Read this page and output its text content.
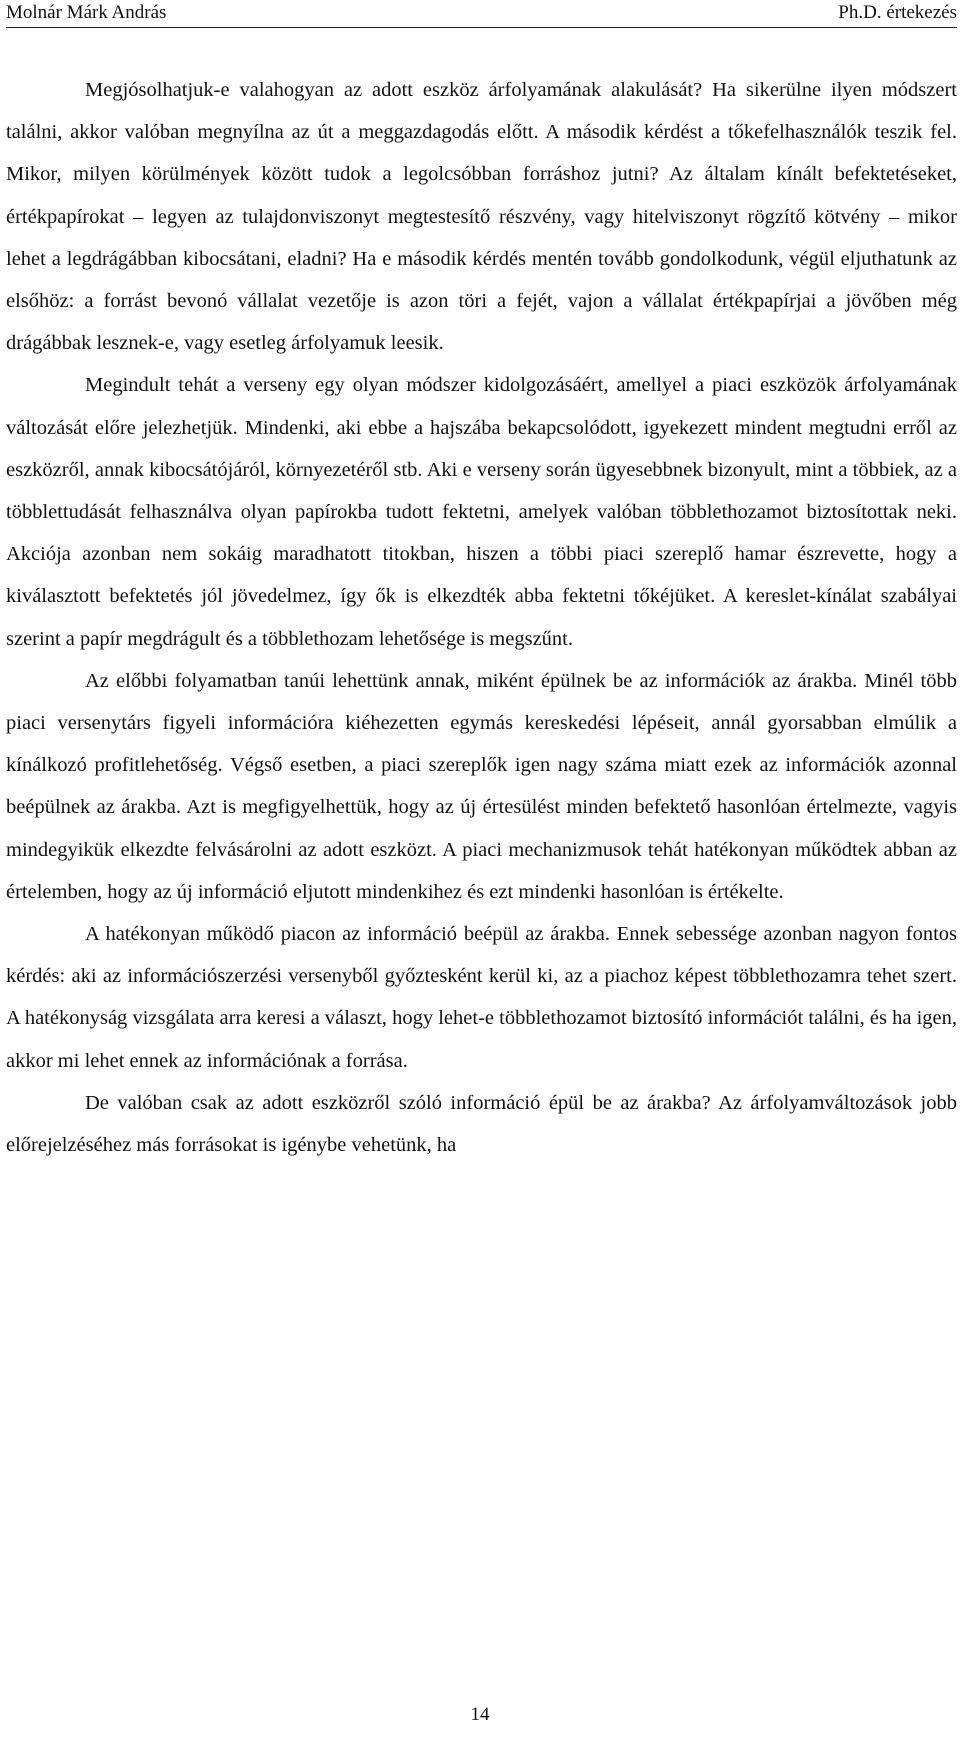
Molnár Márk András	Ph.D. értekezés

Megjósolhatjuk-e valahogyan az adott eszköz árfolyamának alakulását? Ha sikerülne ilyen módszert találni, akkor valóban megnyílna az út a meggazdagodás előtt. A második kérdést a tőkefelhasználók teszik fel. Mikor, milyen körülmények között tudok a legolcsóbban forráshoz jutni? Az általam kínált befektetéseket, értékpapírokat – legyen az tulajdonviszonyt megtestesítő részvény, vagy hitelviszonyt rögzítő kötvény – mikor lehet a legdrágábban kibocsátani, eladni? Ha e második kérdés mentén tovább gondolkodunk, végül eljuthatunk az elsőhöz: a forrást bevonó vállalat vezetője is azon töri a fejét, vajon a vállalat értékpapírjai a jövőben még drágábbak lesznek-e, vagy esetleg árfolyamuk leesik.

Megindult tehát a verseny egy olyan módszer kidolgozásáért, amellyel a piaci eszközök árfolyamának változását előre jelezhetjük. Mindenki, aki ebbe a hajszába bekapcsolódott, igyekezett mindent megtudni erről az eszközről, annak kibocsátójáról, környezetéről stb. Aki e verseny során ügyesebbnek bizonyult, mint a többiek, az a többlettudását felhasználva olyan papírokba tudott fektetni, amelyek valóban többlethozamot biztosítottak neki. Akciója azonban nem sokáig maradhatott titokban, hiszen a többi piaci szereplő hamar észrevette, hogy a kiválasztott befektetés jól jövedelmez, így ők is elkezdték abba fektetni tőkéjüket. A kereslet-kínálat szabályai szerint a papír megdrágult és a többlethozam lehetősége is megszűnt.

Az előbbi folyamatban tanúi lehettünk annak, miként épülnek be az információk az árakba. Minél több piaci versenytárs figyeli információra kiéhezetten egymás kereskedési lépéseit, annál gyorsabban elmúlik a kínálkozó profitlehetőség. Végső esetben, a piaci szereplők igen nagy száma miatt ezek az információk azonnal beépülnek az árakba. Azt is megfigyelhettük, hogy az új értesülést minden befektető hasonlóan értelmezte, vagyis mindegyikük elkezdte felvásárolni az adott eszközt. A piaci mechanizmusok tehát hatékonyan működtek abban az értelemben, hogy az új információ eljutott mindenkihez és ezt mindenki hasonlóan is értékelte.

A hatékonyan működő piacon az információ beépül az árakba. Ennek sebessége azonban nagyon fontos kérdés: aki az információszerzési versenyből győztesként kerül ki, az a piachoz képest többlethozamra tehet szert. A hatékonyság vizsgálata arra keresi a választ, hogy lehet-e többlethozamot biztosító információt találni, és ha igen, akkor mi lehet ennek az információnak a forrása.

De valóban csak az adott eszközről szóló információ épül be az árakba? Az árfolyamváltozások jobb előrejelzéséhez más forrásokat is igénybe vehetünk, ha

14
